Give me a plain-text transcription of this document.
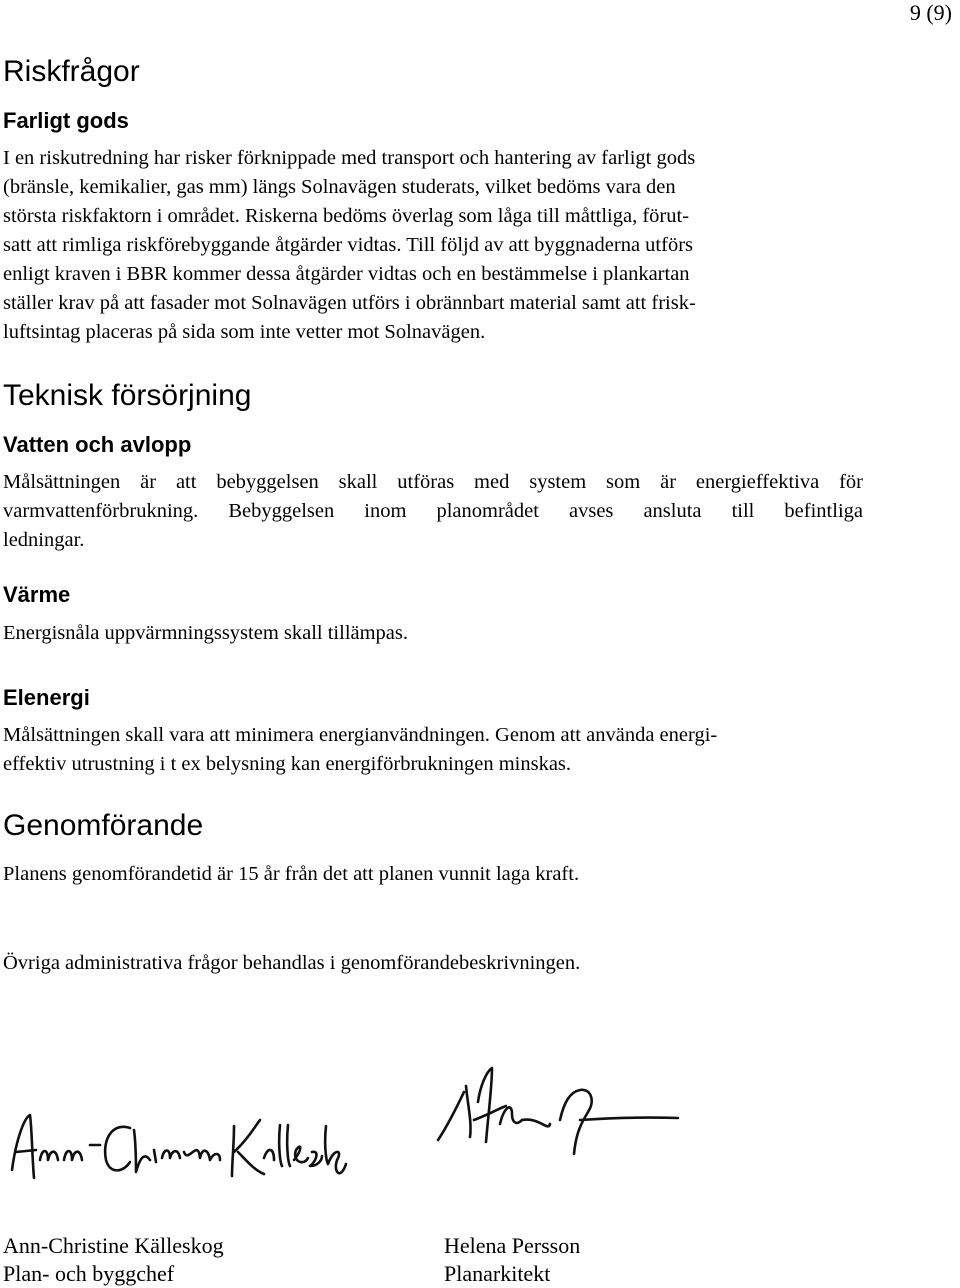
9 (9)
Riskfrågor
Farligt gods
I en riskutredning har risker förknippade med transport och hantering av farligt gods
(bränsle, kemikalier, gas mm) längs Solnavägen studerats, vilket bedöms vara den
största riskfaktorn i området. Riskerna bedöms överlag som låga till måttliga, förut-
satt att rimliga riskförebyggande åtgärder vidtas. Till följd av att byggnaderna utförs
enligt kraven i BBR kommer dessa åtgärder vidtas och en bestämmelse i plankartan
ställer krav på att fasader mot Solnavägen utförs i obrännbart material samt att frisk-
luftsintag placeras på sida som inte vetter mot Solnavägen.
Teknisk försörjning
Vatten och avlopp
Målsättningen är att bebyggelsen skall utföras med system som är energieffektiva för
varmvattenförbrukning. Bebyggelsen inom planområdet avses ansluta till befintliga
ledningar.
Värme
Energisnåla uppvärmningssystem skall tillämpas.
Elenergi
Målsättningen skall vara att minimera energianvändningen. Genom att använda energi-
effektiv utrustning i t ex belysning kan energiförbrukningen minskas.
Genomförande
Planens genomförandetid är 15 år från det att planen vunnit laga kraft.
Övriga administrativa frågor behandlas i genomförandebeskrivningen.
Ann-Christine Källeskog
Plan- och byggchef
Helena Persson
Planarkitekt
